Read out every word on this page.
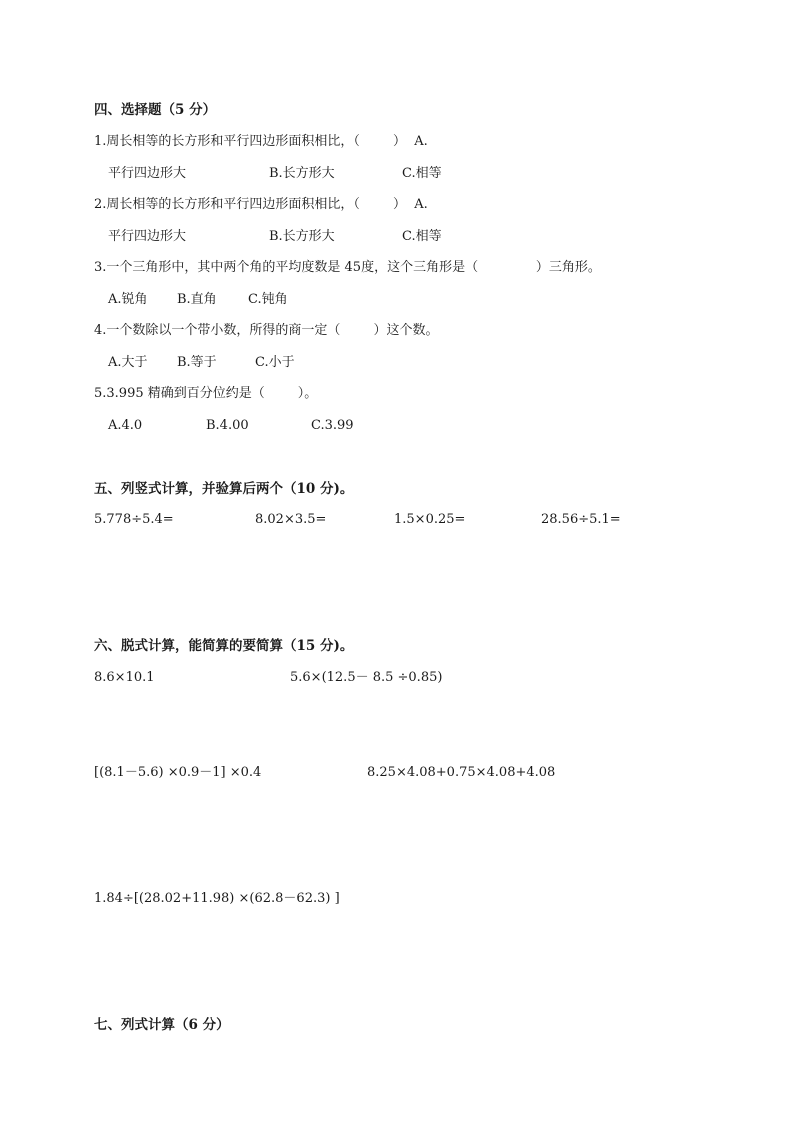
四、选择题（5 分）
1.周长相等的长方形和平行四边形面积相比，（        ）  A.
平行四边形大	B.长方形大	C.相等
2.周长相等的长方形和平行四边形面积相比，（        ）  A.
平行四边形大	B.长方形大	C.相等
3.一个三角形中，其中两个角的平均度数是 45度，这个三角形是（              ）三角形。
A.锐角 B.直角 C.钝角
4.一个数除以一个带小数，所得的商一定（        ）这个数。
A.大于 B.等于	C.小于
5.3.995 精确到百分位约是（        ）。
A.4.0	B.4.00	C.3.99
五、列竖式计算，并验算后两个（10 分)。
5.778÷5.4=	8.02×3.5=	1.5×0.25=	28.56÷5.1=
六、脱式计算，能简算的要简算（15 分)。
8.6×10.1	5.6×(12.5－ 8.5 ÷0.85)
[(8.1－5.6) ×0.9－1] ×0.4	8.25×4.08+0.75×4.08+4.08
1.84÷[(28.02+11.98) ×(62.8－62.3) ]
七、列式计算（6 分）
